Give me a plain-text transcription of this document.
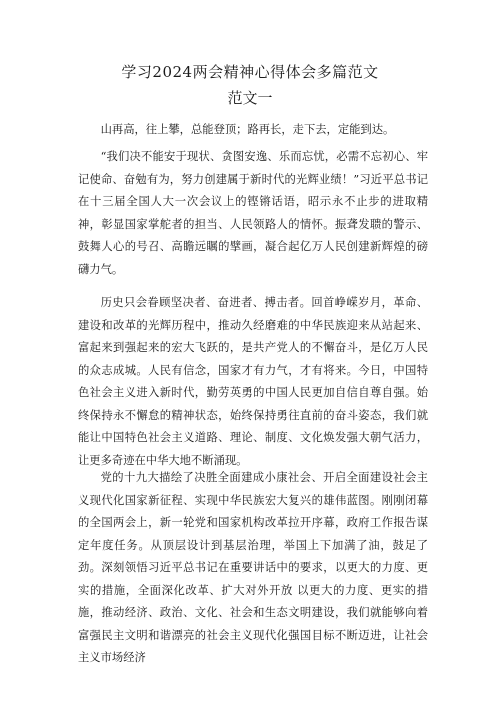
学习2024两会精神心得体会多篇范文
范文一

山再高，往上攀，总能登顶；路再长，走下去，定能到达。

“我们决不能安于现状、贪图安逸、乐而忘忧，必需不忘初心、牢记使命、奋勉有为，努力创建属于新时代的光辉业绩！”习近平总书记在十三届全国人大一次会议上的铿锵话语，昭示永不止步的进取精神，彰显国家掌舵者的担当、人民领路人的情怀。振聋发聩的警示、鼓舞人心的号召、高瞻远瞩的擘画，凝合起亿万人民创建新辉煌的磅礴力气。

历史只会眷顾坚决者、奋进者、搏击者。回首峥嵘岁月，革命、建设和改革的光辉历程中，推动久经磨难的中华民族迎来从站起来、富起来到强起来的宏大飞跃的，是共产党人的不懈奋斗，是亿万人民的众志成城。人民有信念，国家才有力气，才有将来。今日，中国特色社会主义进入新时代，勤劳英勇的中国人民更加自信自尊自强。始终保持永不懈怠的精神状态，始终保持勇往直前的奋斗姿态，我们就能让中国特色社会主义道路、理论、制度、文化焕发强大朝气活力，让更多奇迹在中华大地不断涌现。

党的十九大描绘了决胜全面建成小康社会、开启全面建设社会主义现代化国家新征程、实现中华民族宏大复兴的雄伟蓝图。刚刚闭幕的全国两会上，新一轮党和国家机构改革拉开序幕，政府工作报告谋定年度任务。从顶层设计到基层治理，举国上下加满了油，鼓足了劲。深刻领悟习近平总书记在重要讲话中的要求，以更大的力度、更实的措施，全面深化改革、扩大对外开放 以更大的力度、更实的措施，推动经济、政治、文化、社会和生态文明建设，我们就能够向着富强民主文明和谐漂亮的社会主义现代化强国目标不断迈进，让社会主义市场经济
